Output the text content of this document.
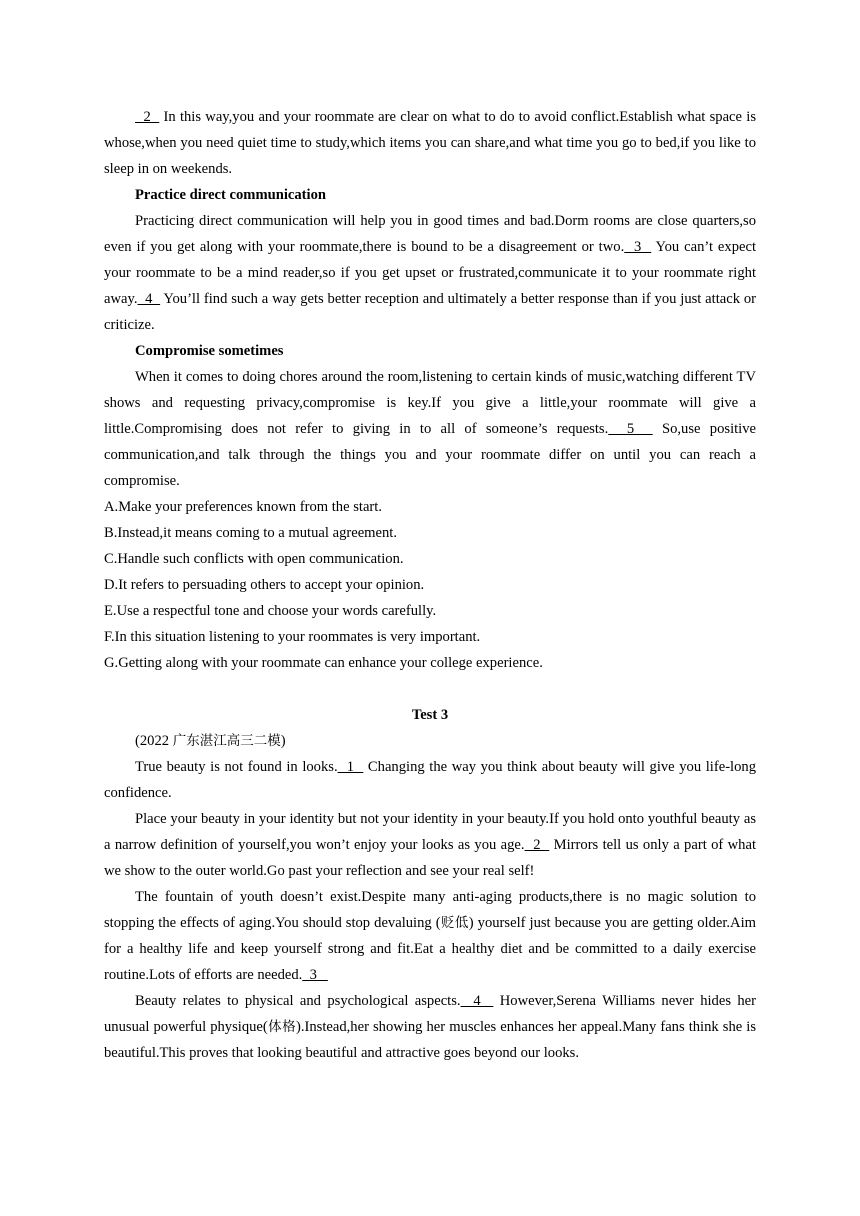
2   In this way,you and your roommate are clear on what to do to avoid conflict.Establish what space is whose,when you need quiet time to study,which items you can share,and what time you go to bed,if you like to sleep in on weekends.

Practice direct communication

Practicing direct communication will help you in good times and bad.Dorm rooms are close quarters,so even if you get along with your roommate,there is bound to be a disagreement or two.  3   You can’t expect your roommate to be a mind reader,so if you get upset or frustrated,communicate it to your roommate right away.  4   You’ll find such a way gets better reception and ultimately a better response than if you just attack or criticize.

Compromise sometimes

When it comes to doing chores around the room,listening to certain kinds of music,watching different TV shows and requesting privacy,compromise is key.If you give a little,your roommate will give a little.Compromising does not refer to giving in to all of someone’s requests.  5   So,use positive communication,and talk through the things you and your roommate differ on until you can reach a compromise.

A.Make your preferences known from the start.

B.Instead,it means coming to a mutual agreement.

C.Handle such conflicts with open communication.

D.It refers to persuading others to accept your opinion.

E.Use a respectful tone and choose your words carefully.

F.In this situation listening to your roommates is very important.

G.Getting along with your roommate can enhance your college experience.

Test 3

(2022 广东湛江高三二模)

True beauty is not found in looks.  1   Changing the way you think about beauty will give you life-long confidence.

Place your beauty in your identity but not your identity in your beauty.If you hold onto youthful beauty as a narrow definition of yourself,you won’t enjoy your looks as you age.  2   Mirrors tell us only a part of what we show to the outer world.Go past your reflection and see your real self!

The fountain of youth doesn’t exist.Despite many anti-aging products,there is no magic solution to stopping the effects of aging.You should stop devaluing (贬低) yourself just because you are getting older.Aim for a healthy life and keep yourself strong and fit.Eat a healthy diet and be committed to a daily exercise routine.Lots of efforts are needed.  3

Beauty relates to physical and psychological aspects.  4   However,Serena Williams never hides her unusual powerful physique(体格).Instead,her showing her muscles enhances her appeal.Many fans think she is beautiful.This proves that looking beautiful and attractive goes beyond our looks.
